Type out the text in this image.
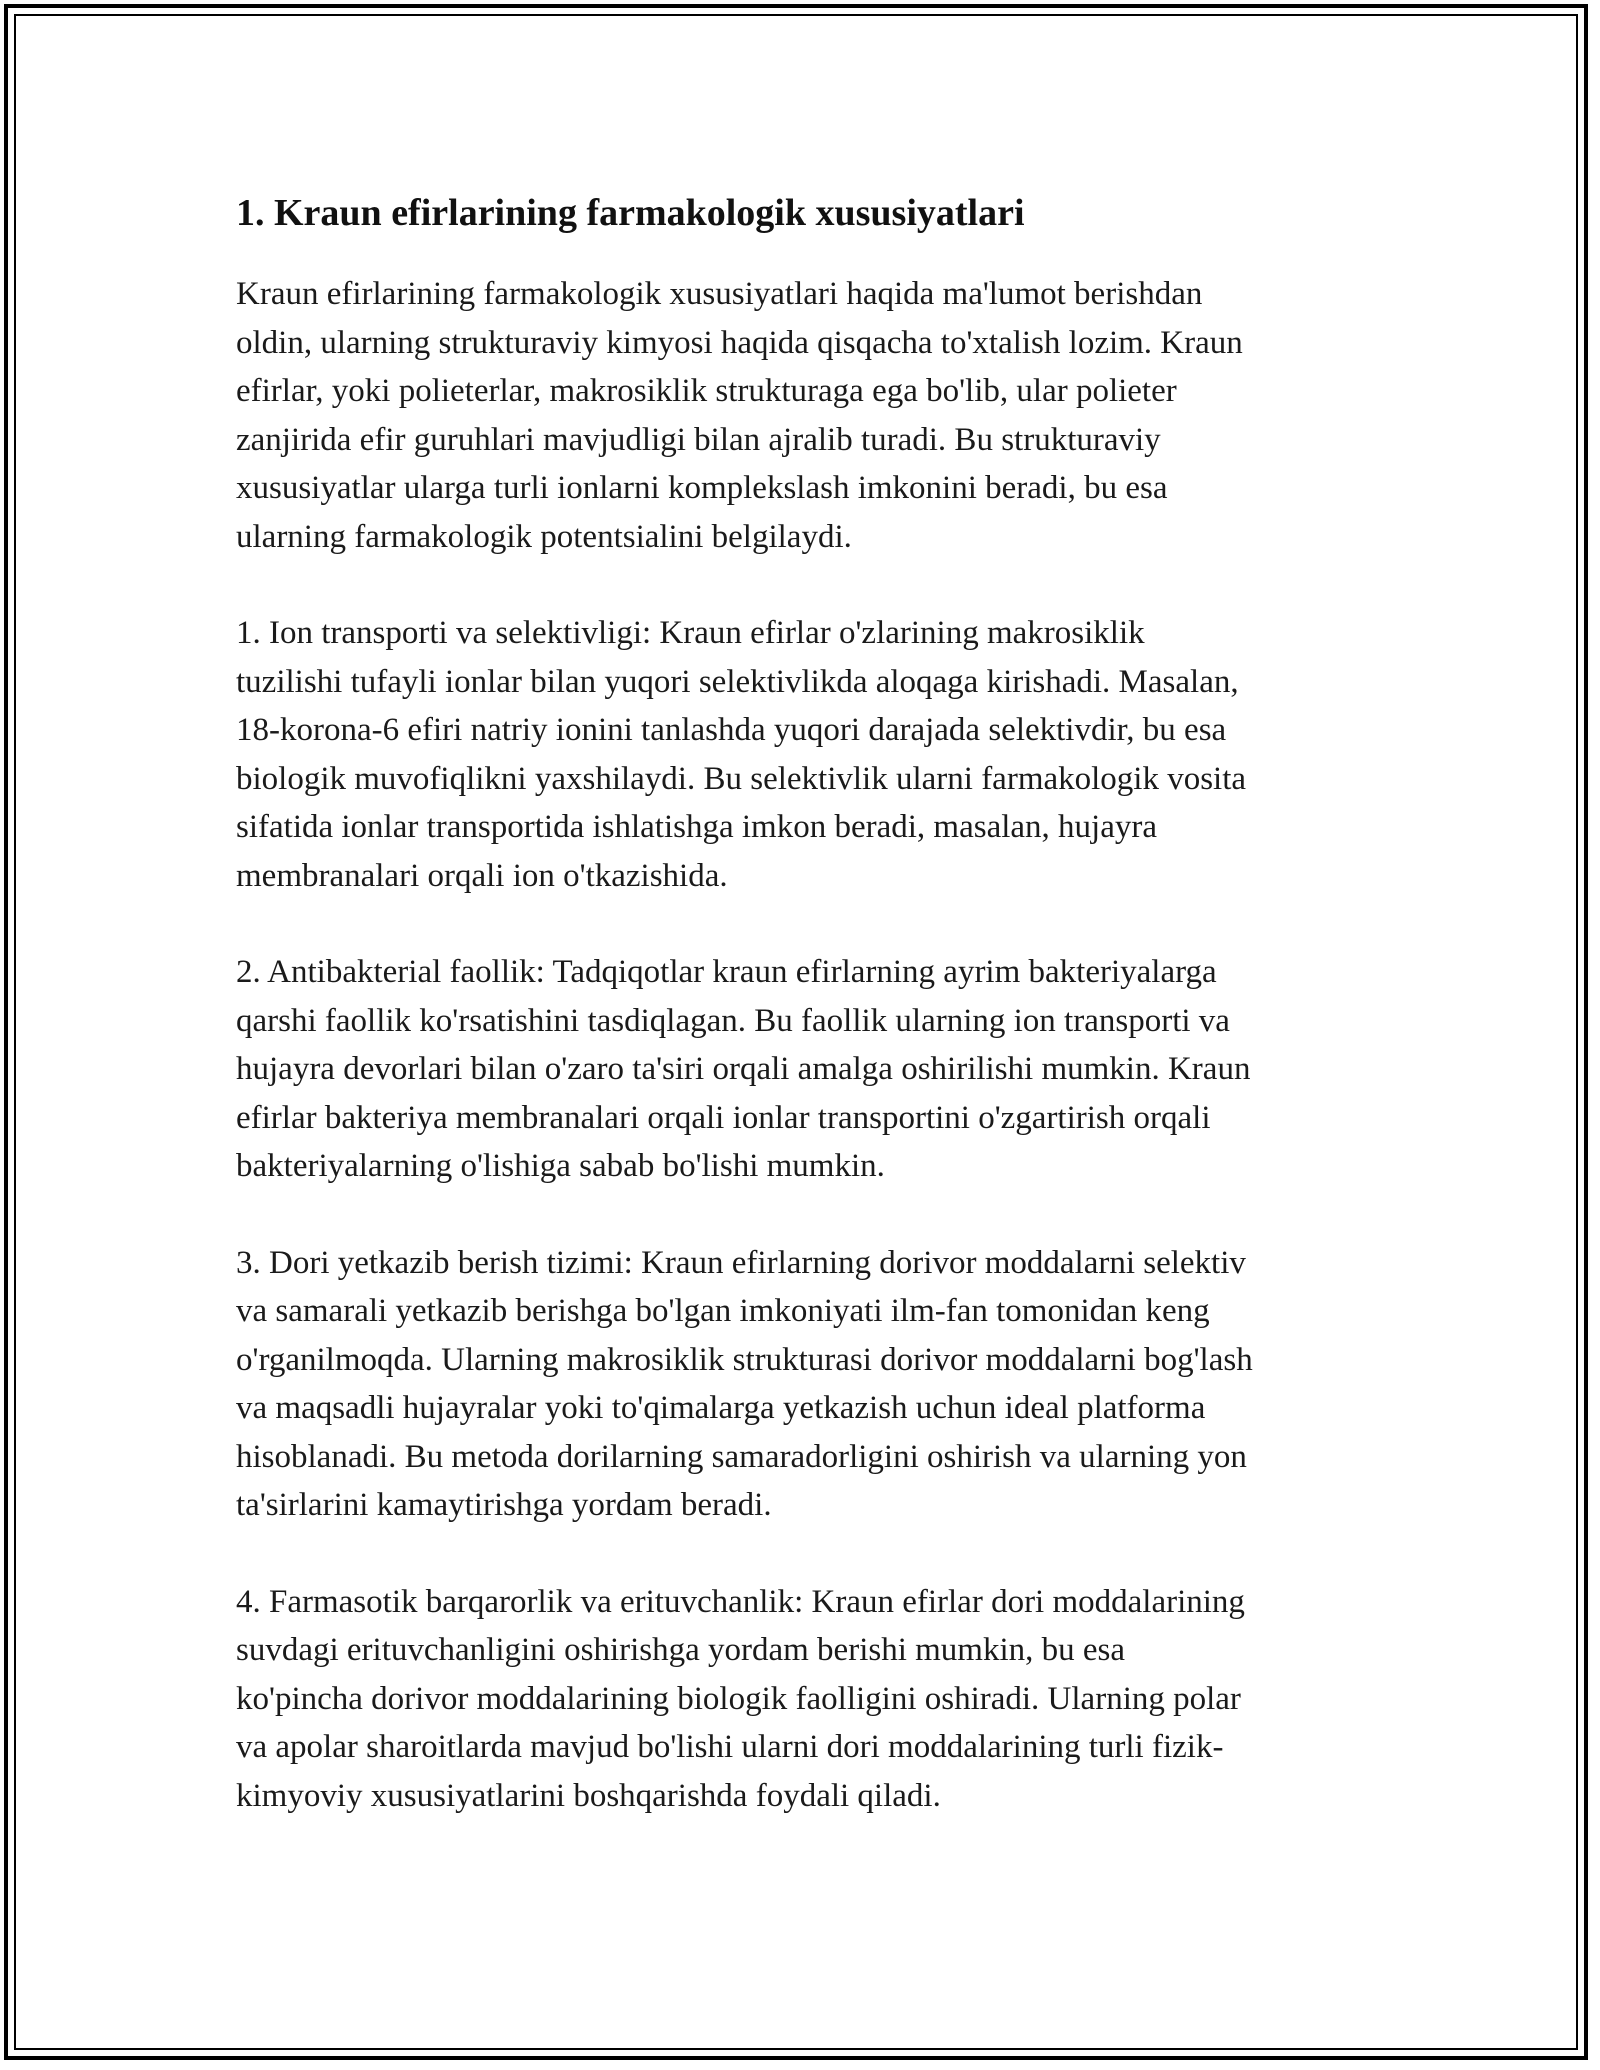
1. Kraun efirlarining farmakologik xususiyatlari

Kraun efirlarining farmakologik xususiyatlari haqida ma'lumot berishdan
oldin, ularning strukturaviy kimyosi haqida qisqacha to'xtalish lozim. Kraun
efirlar, yoki polieterlar, makrosiklik strukturaga ega bo'lib, ular polieter
zanjirida efir guruhlari mavjudligi bilan ajralib turadi. Bu strukturaviy
xususiyatlar ularga turli ionlarni komplekslash imkonini beradi, bu esa
ularning farmakologik potentsialini belgilaydi.

1. Ion transporti va selektivligi: Kraun efirlar o'zlarining makrosiklik
tuzilishi tufayli ionlar bilan yuqori selektivlikda aloqaga kirishadi. Masalan,
18-korona-6 efiri natriy ionini tanlashda yuqori darajada selektivdir, bu esa
biologik muvofiqlikni yaxshilaydi. Bu selektivlik ularni farmakologik vosita
sifatida ionlar transportida ishlatishga imkon beradi, masalan, hujayra
membranalari orqali ion o'tkazishida.

2. Antibakterial faollik: Tadqiqotlar kraun efirlarning ayrim bakteriyalarga
qarshi faollik ko'rsatishini tasdiqlagan. Bu faollik ularning ion transporti va
hujayra devorlari bilan o'zaro ta'siri orqali amalga oshirilishi mumkin. Kraun
efirlar bakteriya membranalari orqali ionlar transportini o'zgartirish orqali
bakteriyalarning o'lishiga sabab bo'lishi mumkin.

3. Dori yetkazib berish tizimi: Kraun efirlarning dorivor moddalarni selektiv
va samarali yetkazib berishga bo'lgan imkoniyati ilm-fan tomonidan keng
o'rganilmoqda. Ularning makrosiklik strukturasi dorivor moddalarni bog'lash
va maqsadli hujayralar yoki to'qimalarga yetkazish uchun ideal platforma
hisoblanadi. Bu metoda dorilarning samaradorligini oshirish va ularning yon
ta'sirlarini kamaytirishga yordam beradi.

4. Farmasotik barqarorlik va erituvchanlik: Kraun efirlar dori moddalarining
suvdagi erituvchanligini oshirishga yordam berishi mumkin, bu esa
ko'pincha dorivor moddalarining biologik faolligini oshiradi. Ularning polar
va apolar sharoitlarda mavjud bo'lishi ularni dori moddalarining turli fizik-
kimyoviy xususiyatlarini boshqarishda foydali qiladi.
